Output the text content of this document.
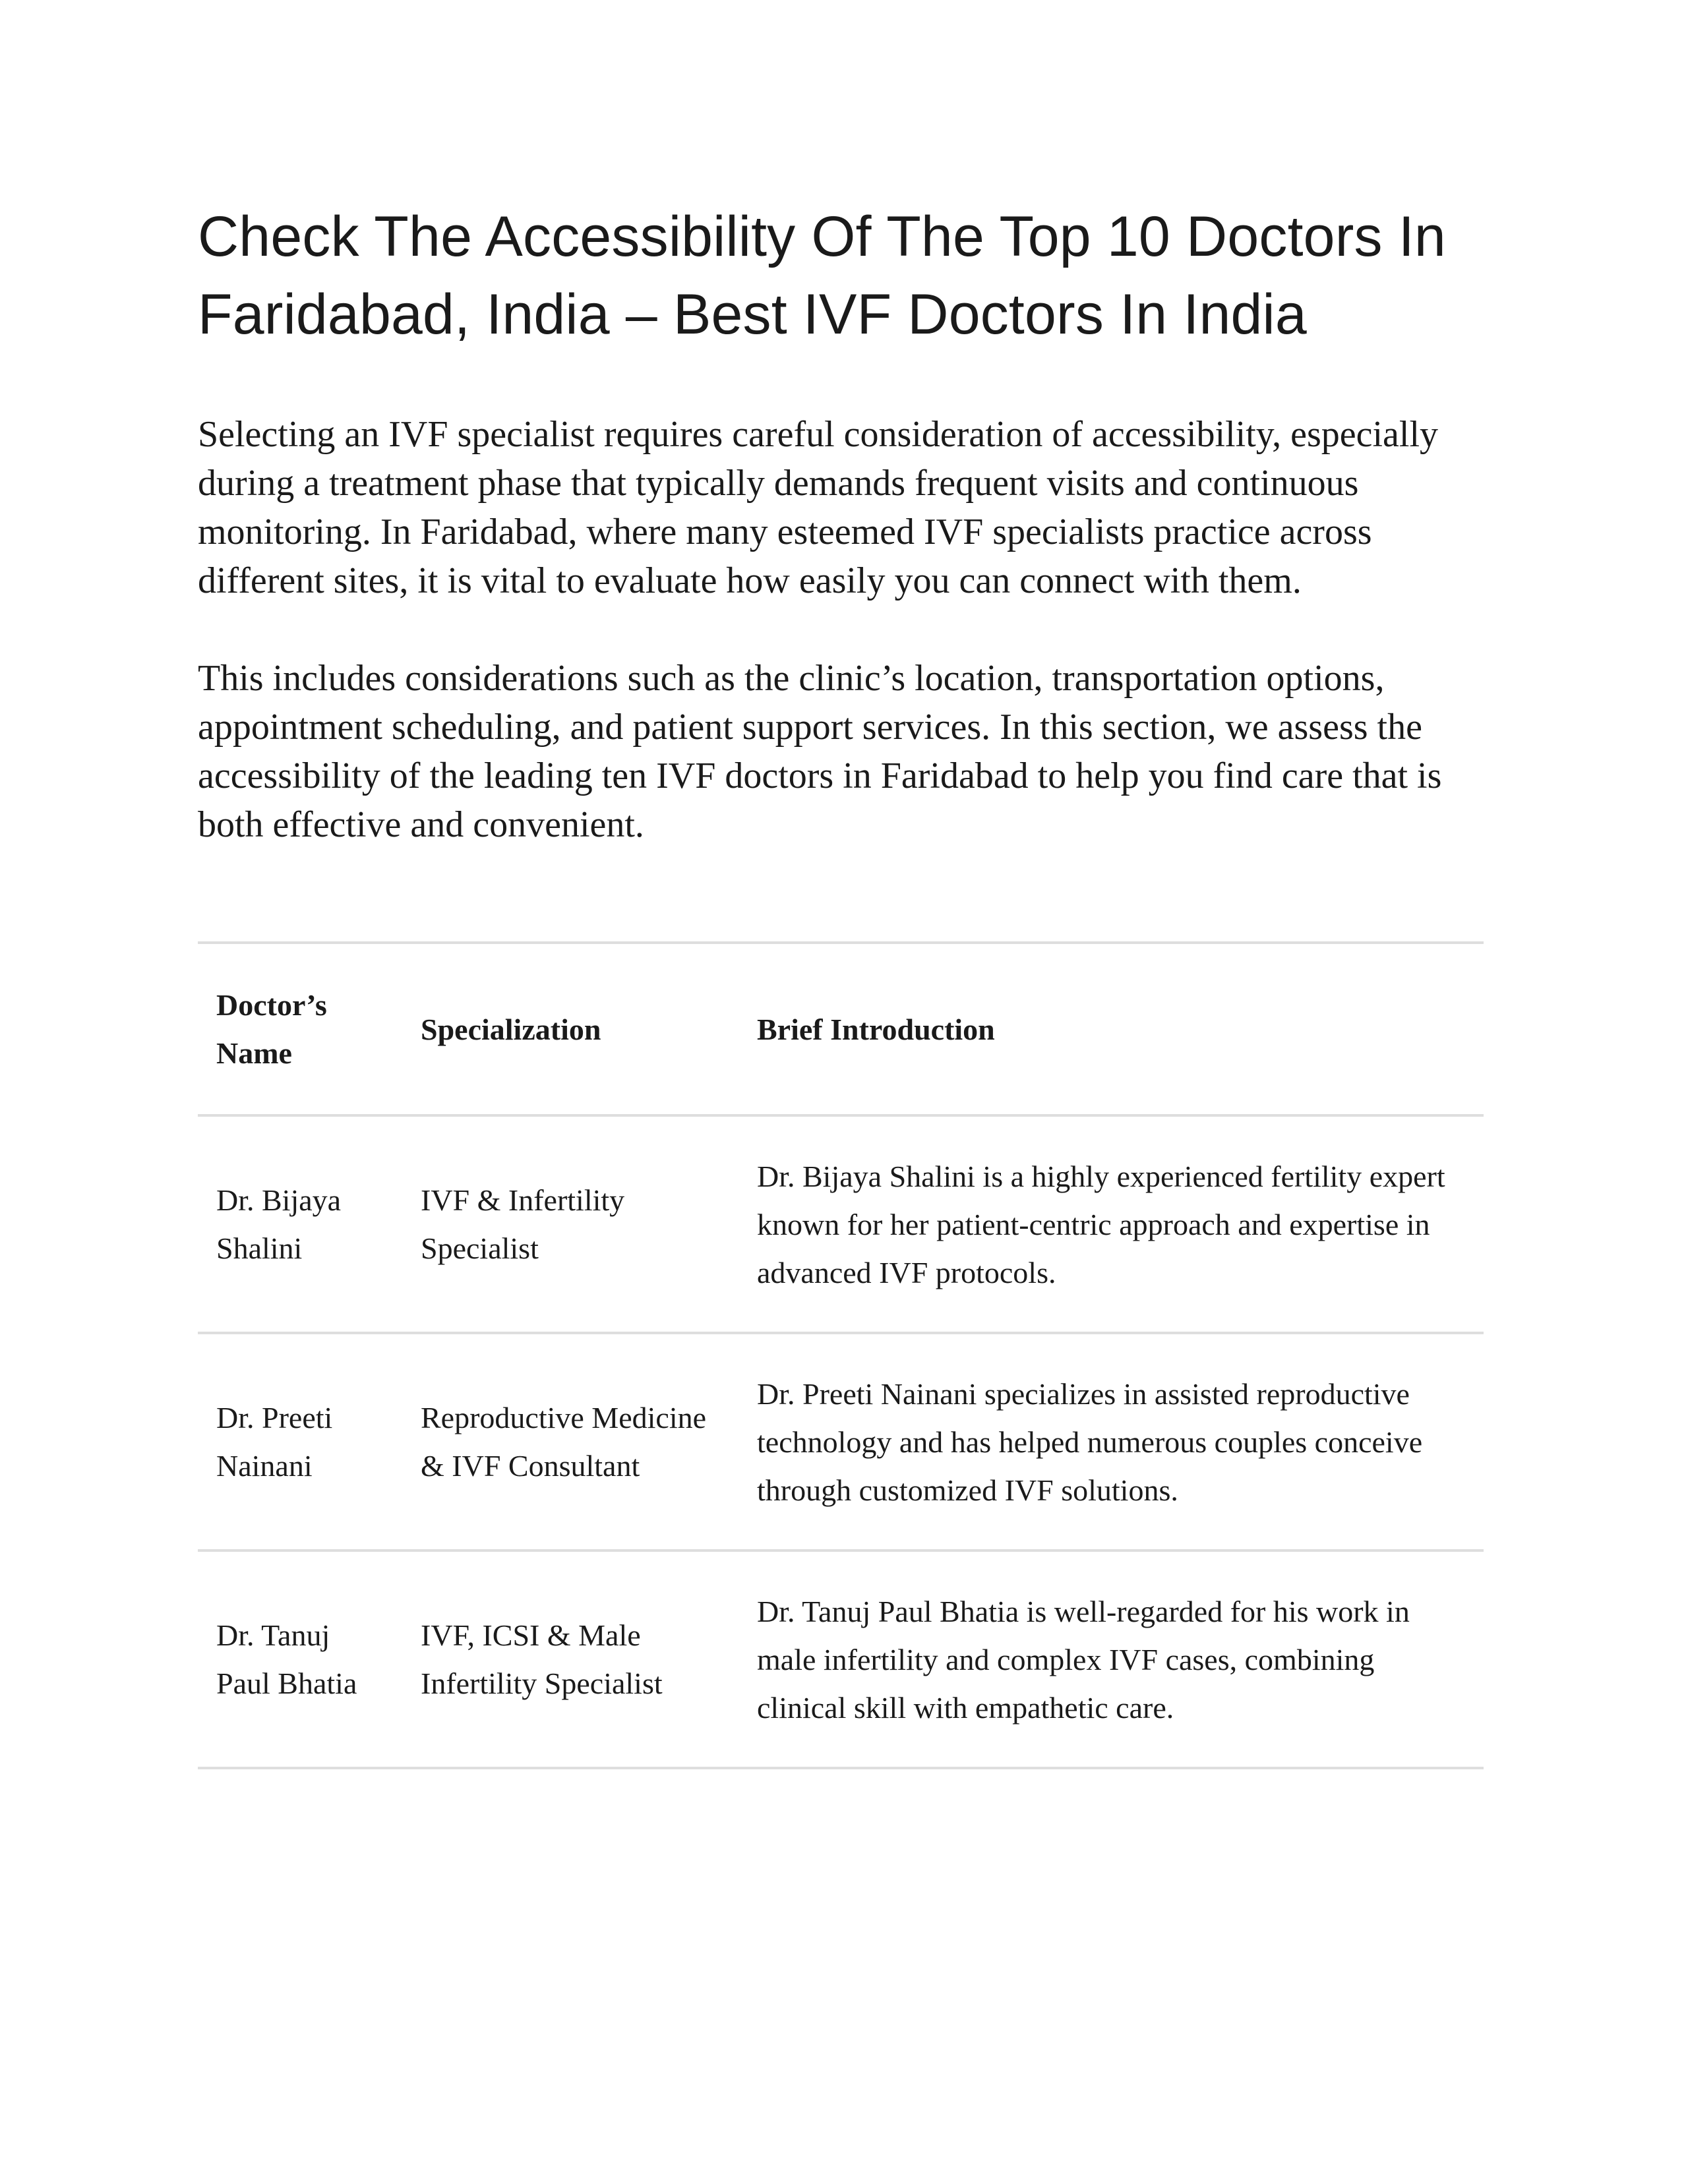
Check The Accessibility Of The Top 10 Doctors In Faridabad, India – Best IVF Doctors In India

Selecting an IVF specialist requires careful consideration of accessibility, especially during a treatment phase that typically demands frequent visits and continuous monitoring. In Faridabad, where many esteemed IVF specialists practice across different sites, it is vital to evaluate how easily you can connect with them.

This includes considerations such as the clinic’s location, transportation options, appointment scheduling, and patient support services. In this section, we assess the accessibility of the leading ten IVF doctors in Faridabad to help you find care that is both effective and convenient.

Doctor’s Name	Specialization	Brief Introduction
Dr. Bijaya Shalini	IVF & Infertility Specialist	Dr. Bijaya Shalini is a highly experienced fertility expert known for her patient-centric approach and expertise in advanced IVF protocols.
Dr. Preeti Nainani	Reproductive Medicine & IVF Consultant	Dr. Preeti Nainani specializes in assisted reproductive technology and has helped numerous couples conceive through customized IVF solutions.
Dr. Tanuj Paul Bhatia	IVF, ICSI & Male Infertility Specialist	Dr. Tanuj Paul Bhatia is well-regarded for his work in male infertility and complex IVF cases, combining clinical skill with empathetic care.
